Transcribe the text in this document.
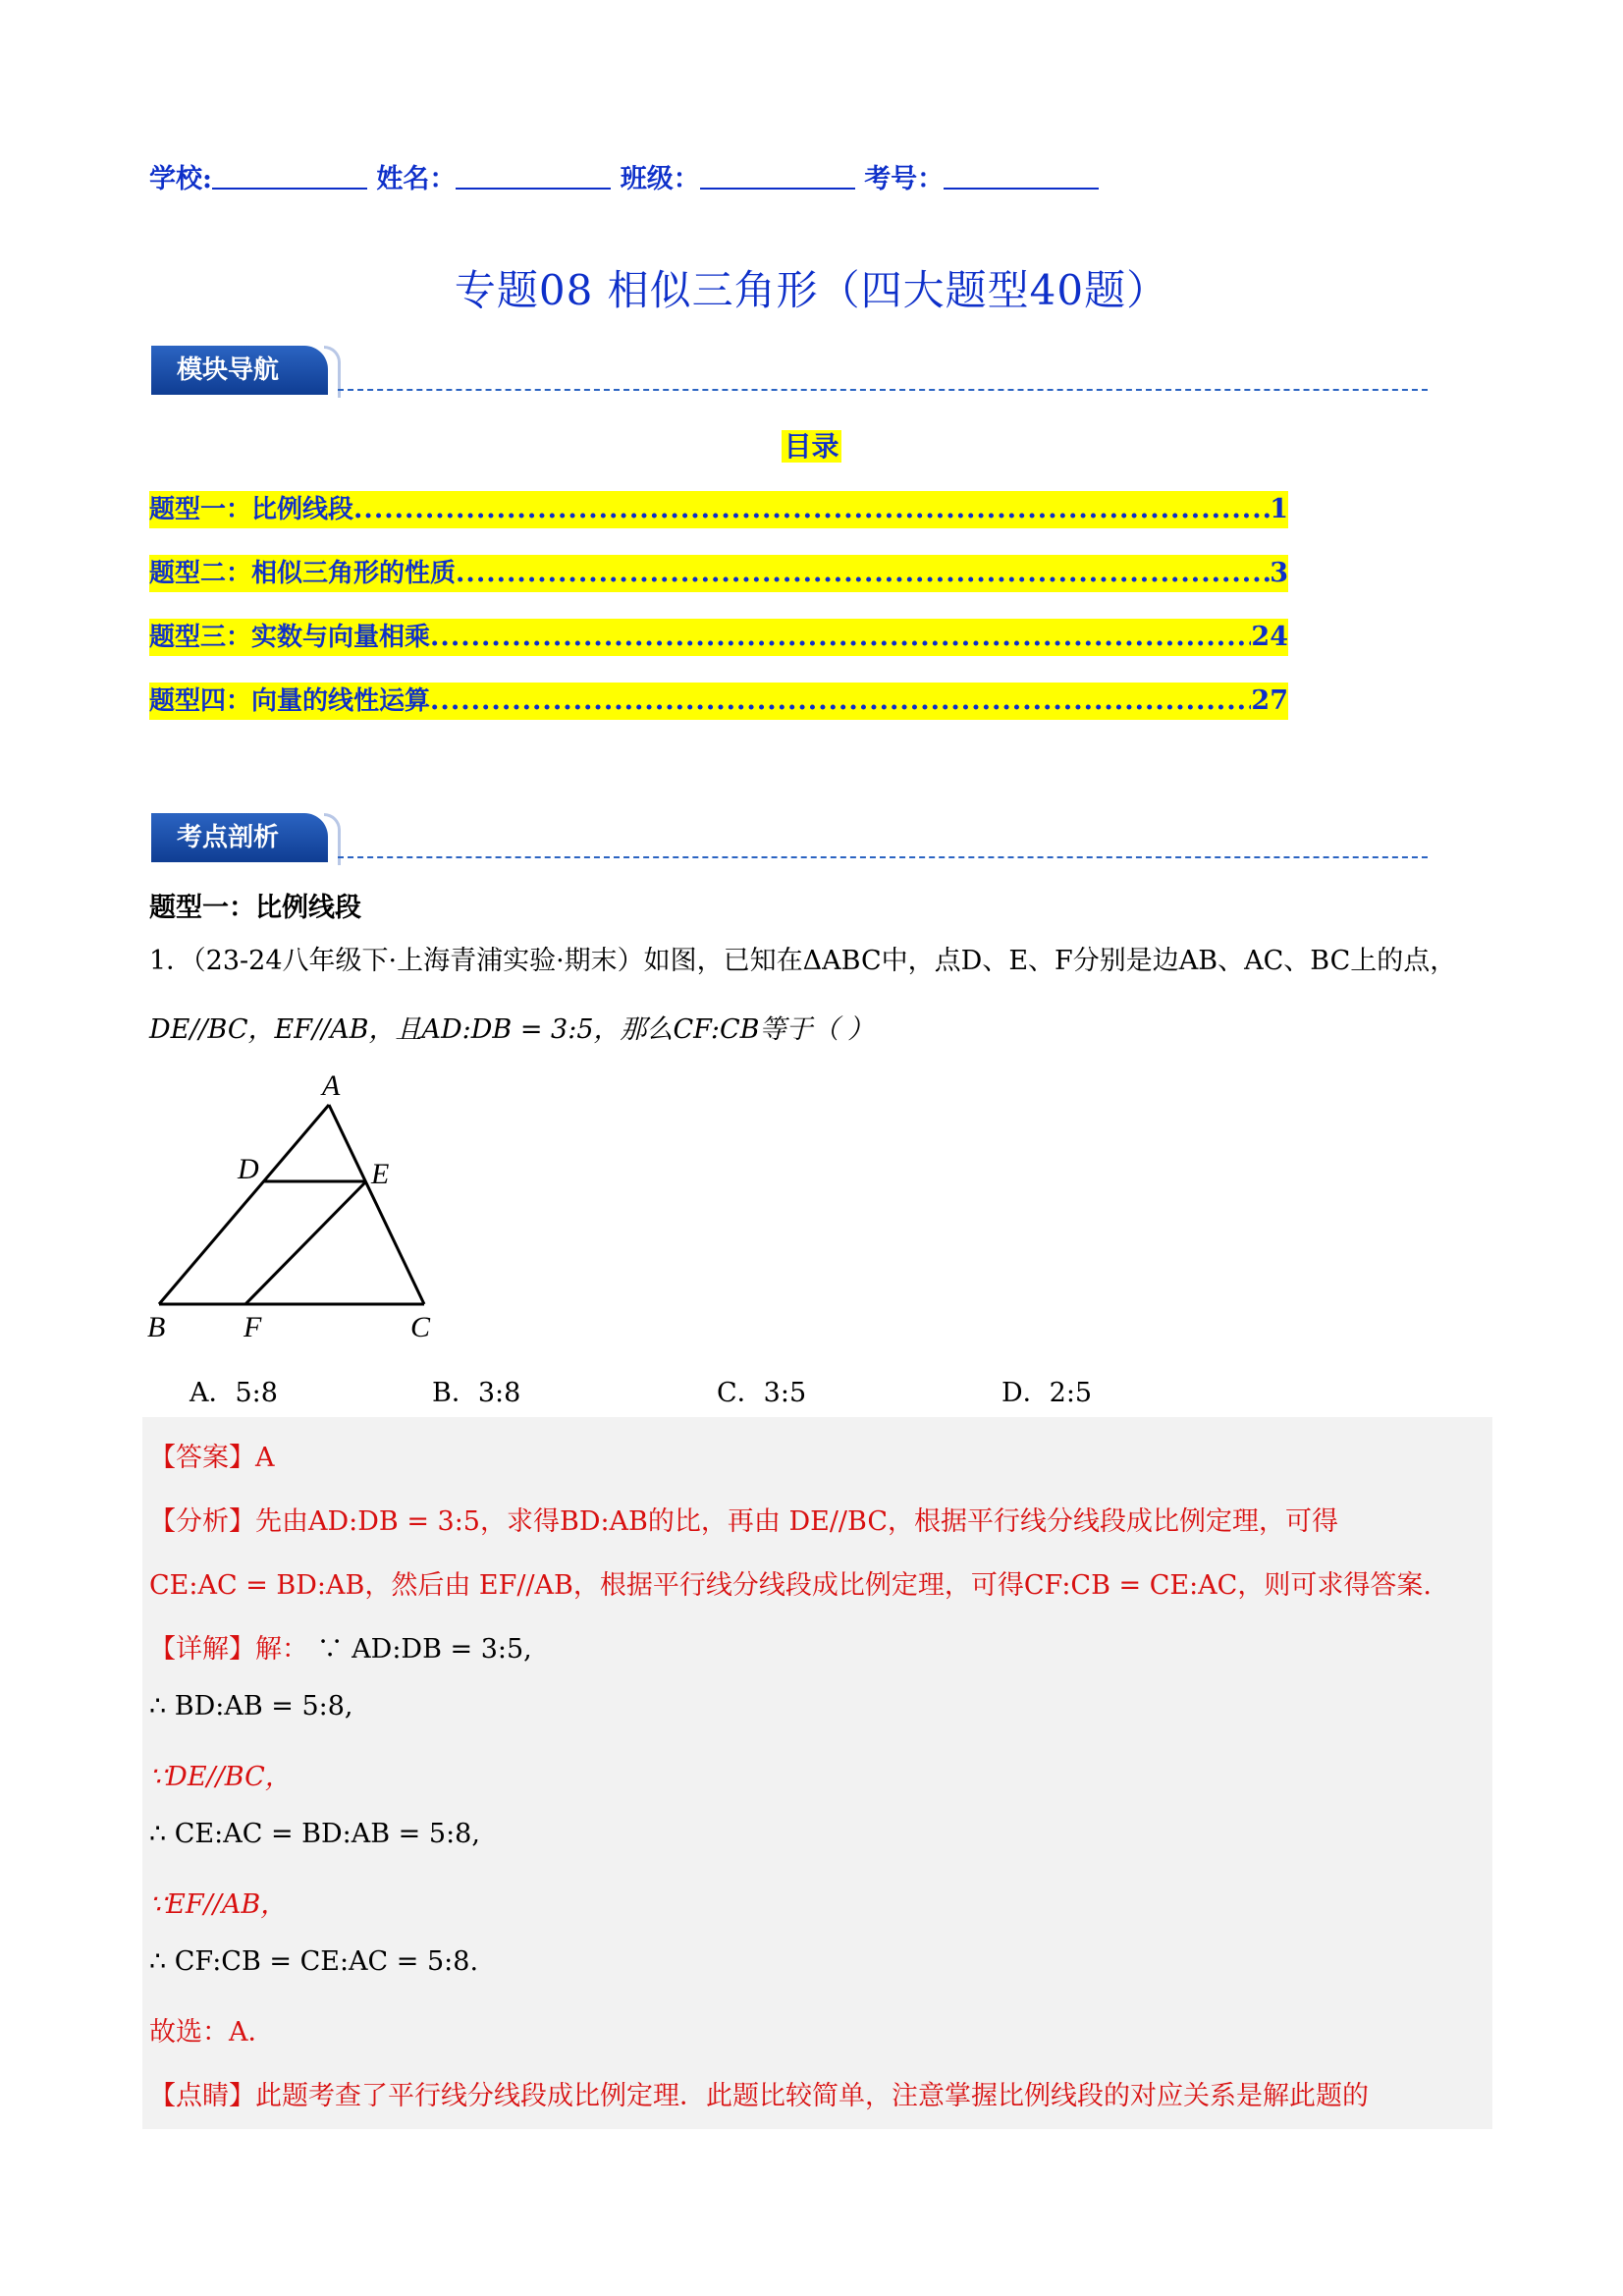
学校:	姓名：	班级：	考号：
专题08 相似三角形（四大题型40题）
模块导航
目录
题型一：比例线段 .....	1
题型二：相似三角形的性质 .....	3
题型三：实数与向量相乘 .....	24
题型四：向量的线性运算 .....	27
考点剖析
题型一：比例线段
1．（23-24八年级下·上海青浦实验·期末）如图，已知在ΔABC中，点D、E、F分别是边AB、AC、BC上的点，
DE//BC，EF//AB，且AD:DB = 3:5，那么CF:CB等于（ ）
A
D	E
B	F	C
A．5:8	B．3:8	C．3:5	D．2:5
【答案】A
【分析】先由AD:DB = 3:5，求得BD:AB的比，再由 DE//BC，根据平行线分线段成比例定理，可得
CE:AC = BD:AB，然后由 EF//AB，根据平行线分线段成比例定理，可得CF:CB = CE:AC，则可求得答案.
【详解】解： ∵ AD:DB = 3:5,
∴ BD:AB = 5:8,
∵DE//BC，
∴ CE:AC = BD:AB = 5:8,
∵EF//AB，
∴ CF:CB = CE:AC = 5:8.
故选：A．
【点睛】此题考查了平行线分线段成比例定理．此题比较简单，注意掌握比例线段的对应关系是解此题的
